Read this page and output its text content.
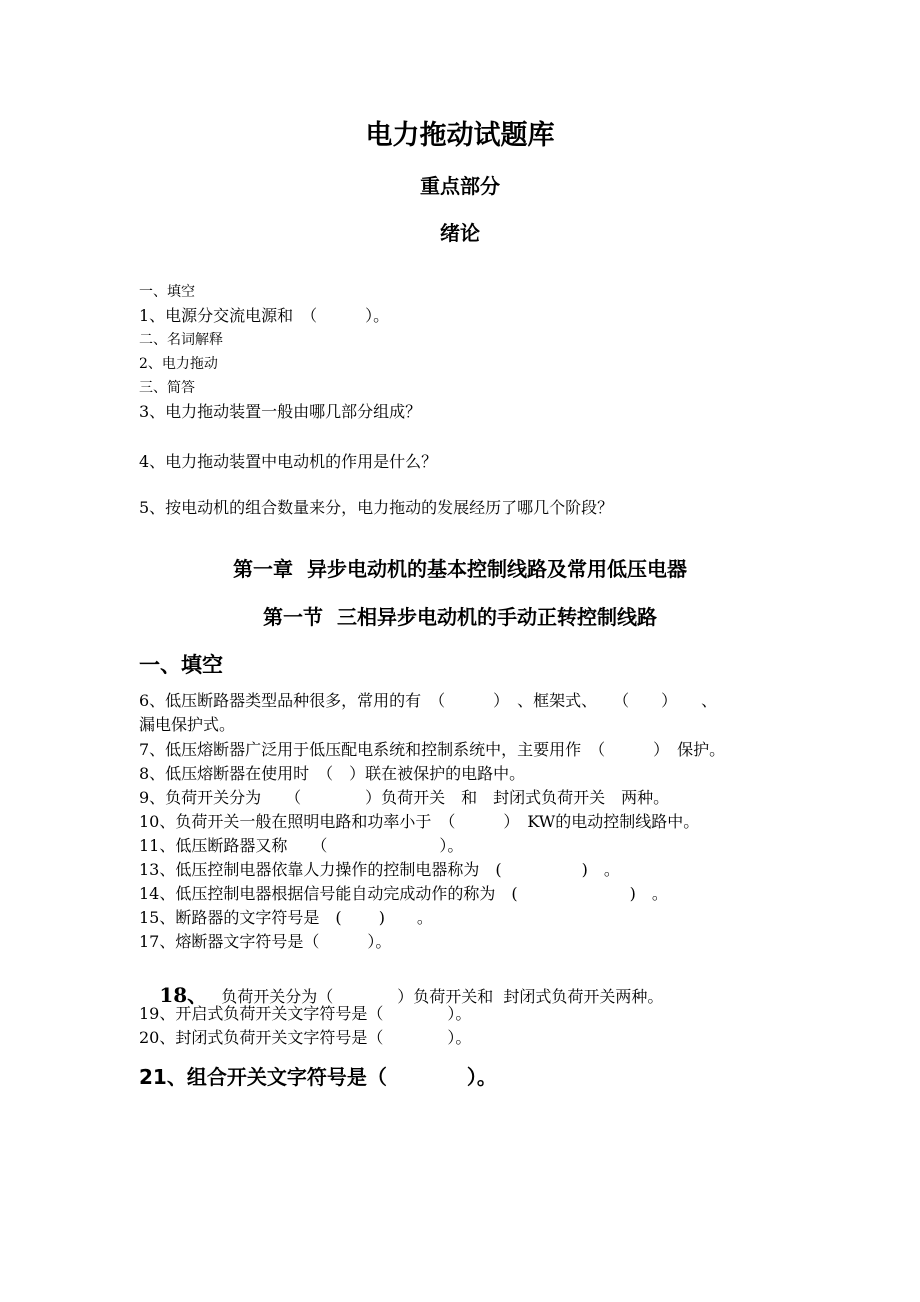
电力拖动试题库
重点部分
绪论
一、填空
1、电源分交流电源和　（　　　）。
二、名词解释
2、电力拖动
三、简答
3、电力拖动装置一般由哪几部分组成？
4、电力拖动装置中电动机的作用是什么？
5、按电动机的组合数量来分，电力拖动的发展经历了哪几个阶段？
第一章  异步电动机的基本控制线路及常用低压电器
第一节  三相异步电动机的手动正转控制线路
一、填空
6、低压断路器类型品种很多，常用的有　（　　　）　、框架式、　　（　　）　　、
漏电保护式。
7、低压熔断器广泛用于低压配电系统和控制系统中，主要用作　（　　　）　保护。
8、低压熔断器在使用时　（　）联在被保护的电路中。
9、负荷开关分为　　（　　　　）负荷开关　和　封闭式负荷开关　两种。
10、负荷开关一般在照明电路和功率小于　（　　　）　KW的电动控制线路中。
11、低压断路器又称　　（　　　　　　　）。
13、低压控制电器依靠人力操作的控制电器称为　(　　　　　)　。
14、低压控制电器根据信号能自动完成动作的称为　(　　　　　　　)　。
15、断路器的文字符号是　(　　 )　　。
17、熔断器文字符号是（　　　）。

18、 负荷开关分为（　　　　）负荷开关和  封闭式负荷开关两种。

19、开启式负荷开关文字符号是（　　　　）。
20、封闭式负荷开关文字符号是（　　　　）。
21、组合开关文字符号是（　　　　）。
